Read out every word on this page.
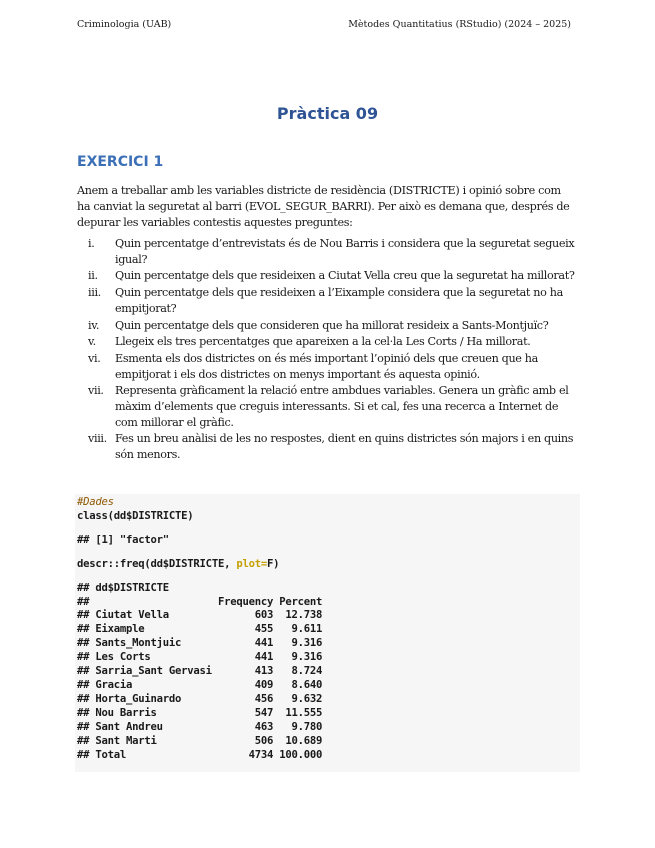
Criminologia (UAB)	Mètodes Quantitatius (RStudio) (2024 – 2025)
Pràctica 09
EXERCICI 1

Anem a treballar amb les variables districte de residència (DISTRICTE) i opinió sobre com ha canviat la seguretat al barri (EVOL_SEGUR_BARRI). Per això es demana que, després de depurar les variables contestis aquestes preguntes:

i. Quin percentatge d’entrevistats és de Nou Barris i considera que la seguretat segueix igual?
ii. Quin percentatge dels que resideixen a Ciutat Vella creu que la seguretat ha millorat?
iii. Quin percentatge dels que resideixen a l’Eixample considera que la seguretat no ha empitjorat?
iv. Quin percentatge dels que consideren que ha millorat resideix a Sants-Montjuïc?
v. Llegeix els tres percentatges que apareixen a la cel·la Les Corts / Ha millorat.
vi. Esmenta els dos districtes on és més important l’opinió dels que creuen que ha empitjorat i els dos districtes on menys important és aquesta opinió.
vii. Representa gràficament la relació entre ambdues variables. Genera un gràfic amb el màxim d’elements que creguis interessants. Si et cal, fes una recerca a Internet de com millorar el gràfic.
viii. Fes un breu anàlisi de les no respostes, dient en quins districtes són majors i en quins són menors.
#Dades
class(dd$DISTRICTE)
## [1] "factor"
descr::freq(dd$DISTRICTE, plot=F)
## dd$DISTRICTE
##                     Frequency Percent
## Ciutat Vella              603  12.738
## Eixample                  455   9.611
## Sants_Montjuic            441   9.316
## Les Corts                 441   9.316
## Sarria_Sant Gervasi       413   8.724
## Gracia                    409   8.640
## Horta_Guinardo            456   9.632
## Nou Barris                547  11.555
## Sant Andreu               463   9.780
## Sant Marti                506  10.689
## Total                    4734 100.000
